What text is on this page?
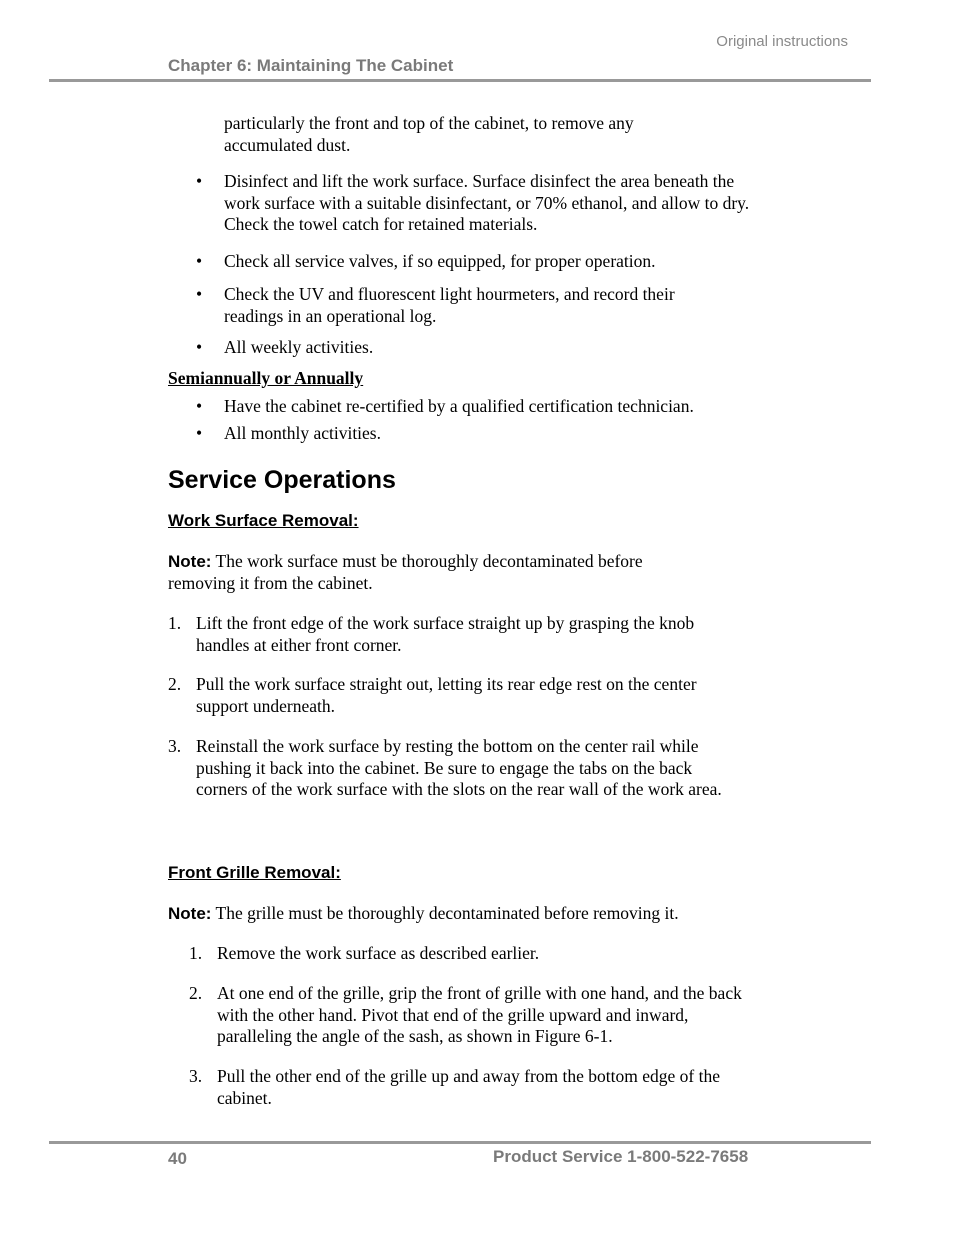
Original instructions
Chapter 6: Maintaining The Cabinet
particularly the front and top of the cabinet, to remove any accumulated dust.
• Disinfect and lift the work surface. Surface disinfect the area beneath the work surface with a suitable disinfectant, or 70% ethanol, and allow to dry. Check the towel catch for retained materials.
• Check all service valves, if so equipped, for proper operation.
• Check the UV and fluorescent light hourmeters, and record their readings in an operational log.
• All weekly activities.
Semiannually or Annually
• Have the cabinet re-certified by a qualified certification technician.
• All monthly activities.
Service Operations
Work Surface Removal:
Note: The work surface must be thoroughly decontaminated before removing it from the cabinet.
1. Lift the front edge of the work surface straight up by grasping the knob handles at either front corner.
2. Pull the work surface straight out, letting its rear edge rest on the center support underneath.
3. Reinstall the work surface by resting the bottom on the center rail while pushing it back into the cabinet. Be sure to engage the tabs on the back corners of the work surface with the slots on the rear wall of the work area.
Front Grille Removal:
Note: The grille must be thoroughly decontaminated before removing it.
1. Remove the work surface as described earlier.
2. At one end of the grille, grip the front of grille with one hand, and the back with the other hand. Pivot that end of the grille upward and inward, paralleling the angle of the sash, as shown in Figure 6-1.
3. Pull the other end of the grille up and away from the bottom edge of the cabinet.
40	Product Service 1-800-522-7658
